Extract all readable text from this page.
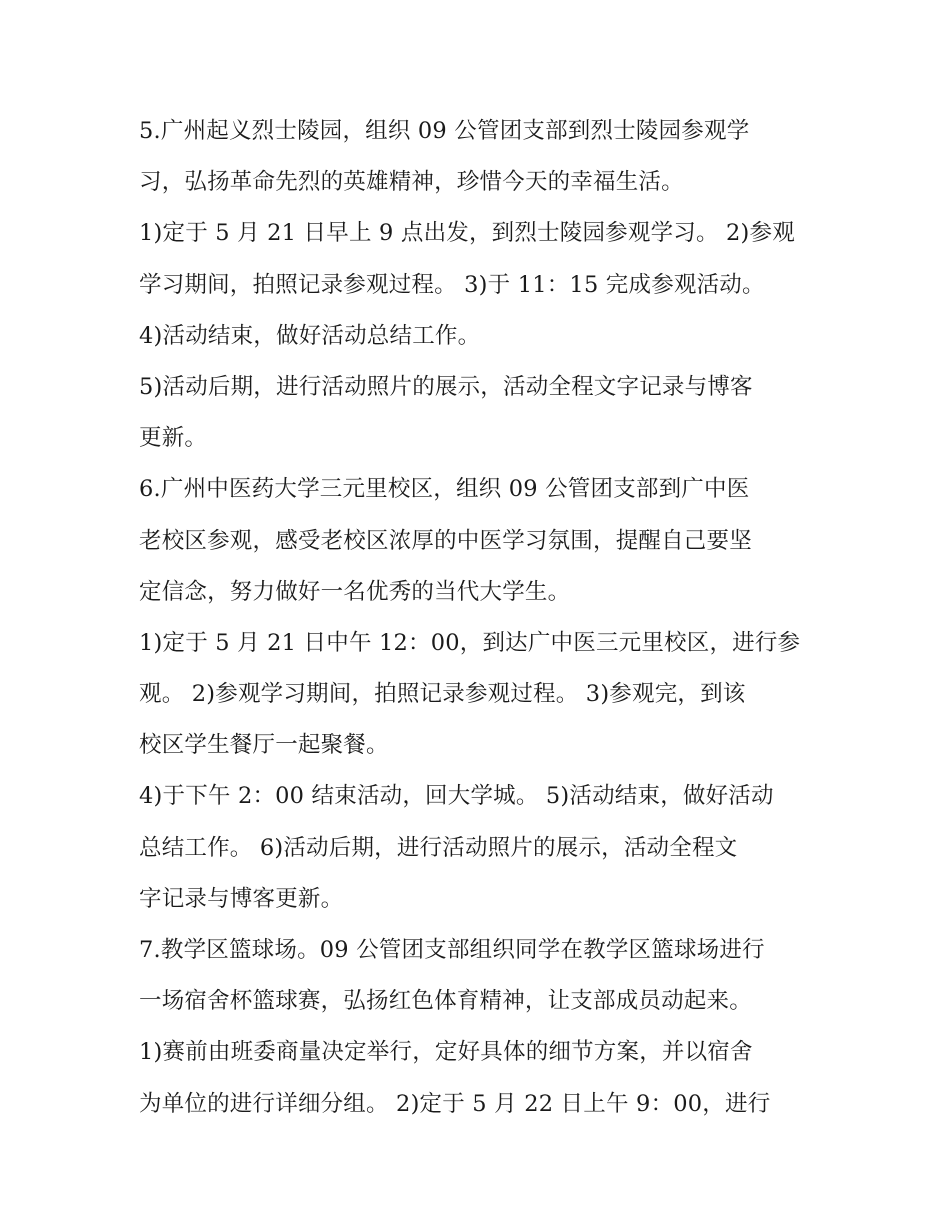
5.广州起义烈士陵园，组织 09 公管团支部到烈士陵园参观学
习，弘扬革命先烈的英雄精神，珍惜今天的幸福生活。
1)定于 5 月 21 日早上 9 点出发，到烈士陵园参观学习。 2)参观
学习期间，拍照记录参观过程。 3)于 11：15 完成参观活动。
4)活动结束，做好活动总结工作。
5)活动后期，进行活动照片的展示，活动全程文字记录与博客
更新。
6.广州中医药大学三元里校区，组织 09 公管团支部到广中医
老校区参观，感受老校区浓厚的中医学习氛围，提醒自己要坚
定信念，努力做好一名优秀的当代大学生。
1)定于 5 月 21 日中午 12：00，到达广中医三元里校区，进行参
观。 2)参观学习期间，拍照记录参观过程。 3)参观完，到该
校区学生餐厅一起聚餐。
4)于下午 2：00 结束活动，回大学城。 5)活动结束，做好活动
总结工作。 6)活动后期，进行活动照片的展示，活动全程文
字记录与博客更新。
7.教学区篮球场。09 公管团支部组织同学在教学区篮球场进行
一场宿舍杯篮球赛，弘扬红色体育精神，让支部成员动起来。
1)赛前由班委商量决定举行，定好具体的细节方案，并以宿舍
为单位的进行详细分组。 2)定于 5 月 22 日上午 9：00，进行
